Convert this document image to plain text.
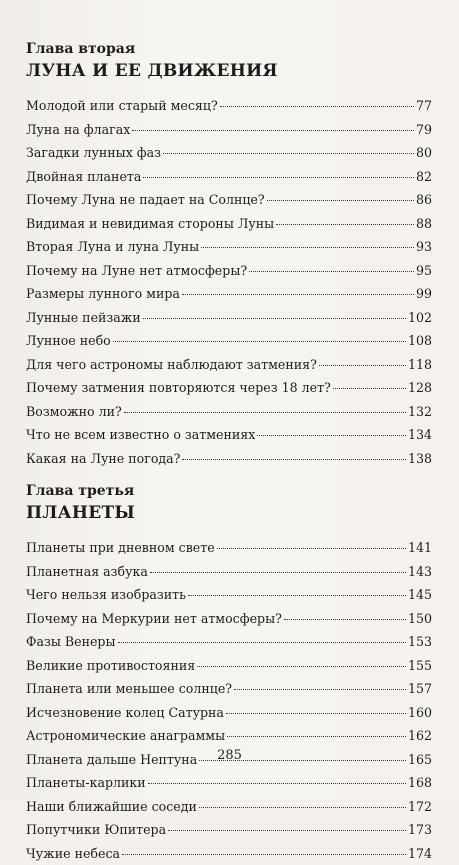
Глава вторая
ЛУНА И ЕЕ ДВИЖЕНИЯ
Молодой или старый месяц?	77
Луна на флагах	79
Загадки лунных фаз	80
Двойная планета	82
Почему Луна не падает на Солнце?	86
Видимая и невидимая стороны Луны	88
Вторая Луна и луна Луны	93
Почему на Луне нет атмосферы?	95
Размеры лунного мира	99
Лунные пейзажи	102
Лунное небо	108
Для чего астрономы наблюдают затмения?	118
Почему затмения повторяются через 18 лет?	128
Возможно ли?	132
Что не всем известно о затмениях	134
Какая на Луне погода?	138
Глава третья
ПЛАНЕТЫ
Планеты при дневном свете	141
Планетная азбука	143
Чего нельзя изобразить	145
Почему на Меркурии нет атмосферы?	150
Фазы Венеры	153
Великие противостояния	155
Планета или меньшее солнце?	157
Исчезновение колец Сатурна	160
Астрономические анаграммы	162
Планета дальше Нептуна	165
Планеты-карлики	168
Наши ближайшие соседи	172
Попутчики Юпитера	173
Чужие небеса	174
285
